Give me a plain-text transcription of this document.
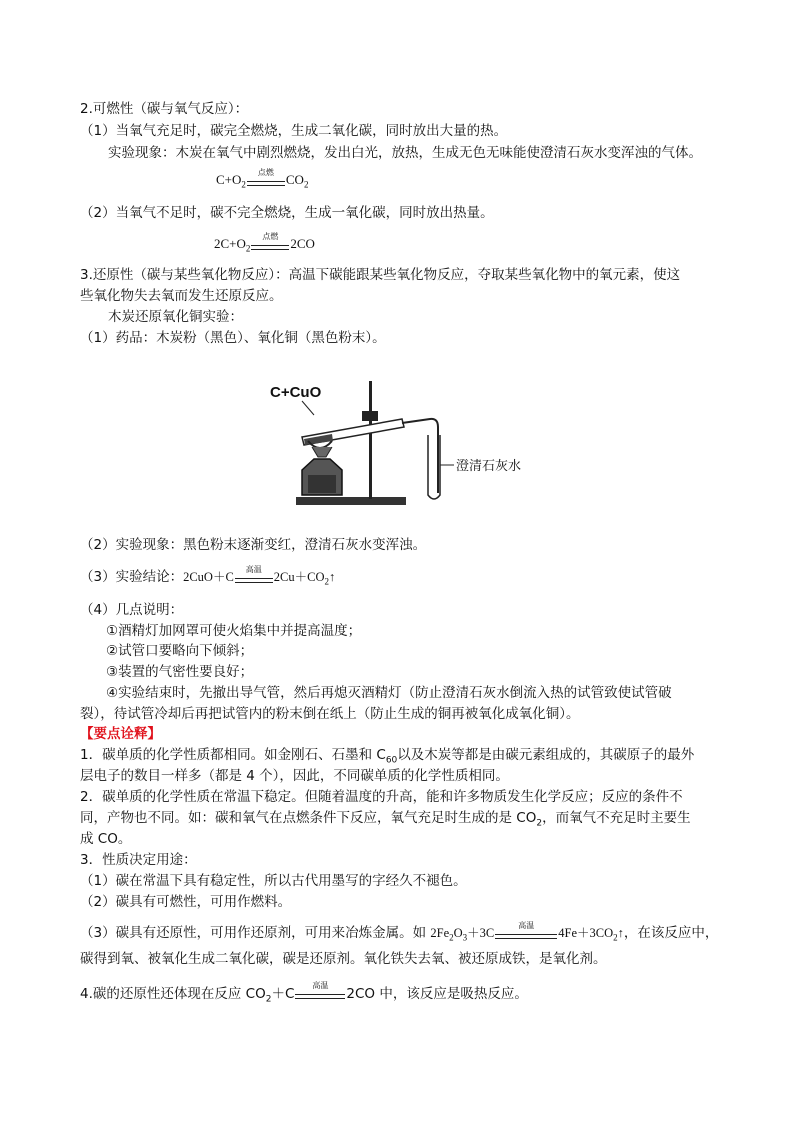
2.可燃性（碳与氧气反应）：
（1）当氧气充足时，碳完全燃烧，生成二氧化碳，同时放出大量的热。
实验现象：木炭在氧气中剧烈燃烧，发出白光，放热，生成无色无味能使澄清石灰水变浑浊的气体。
$C+O_2$
点燃 $CO_2$
（2）当氧气不足时，碳不完全燃烧，生成一氧化碳，同时放出热量。
$2C+O_2$
点燃 2CO
3.还原性（碳与某些氧化物反应）：高温下碳能跟某些氧化物反应，夺取某些氧化物中的氧元素，使这
些氧化物失去氧而发生还原反应。
木炭还原氧化铜实验：
（1）药品：木炭粉（黑色）、氧化铜（黑色粉末）。
C+CuO
澄清石灰水
（2）实验现象：黑色粉末逐渐变红，澄清石灰水变浑浊。
（3）实验结论：2CuO＋C
高温
$2Cu+CO_2↑$
（4）几点说明：
①酒精灯加网罩可使火焰集中并提高温度；
②试管口要略向下倾斜；
③装置的气密性要良好；
④实验结束时，先撤出导气管，然后再熄灭酒精灯（防止澄清石灰水倒流入热的试管致使试管破
裂），待试管冷却后再把试管内的粉末倒在纸上（防止生成的铜再被氧化成氧化铜）。
【要点诠释】
1．碳单质的化学性质都相同。如金刚石、石墨和 $C_{60}$以及木炭等都是由碳元素组成的，其碳原子的最外
层电子的数目一样多（都是 4 个），因此，不同碳单质的化学性质相同。
2．碳单质的化学性质在常温下稳定。但随着温度的升高，能和许多物质发生化学反应；反应的条件不
同，产物也不同。如：碳和氧气在点燃条件下反应，氧气充足时生成的是 $CO_2$，而氧气不充足时主要生
成 CO。
3．性质决定用途：
（1）碳在常温下具有稳定性，所以古代用墨写的字经久不褪色。
（2）碳具有可燃性，可用作燃料。
（3）碳具有还原性，可用作还原剂，可用来冶炼金属。如 $2Fe_2O_3+3C$
高温
$4Fe+3CO_2↑$，在该反应中，
碳得到氧、被氧化生成二氧化碳，碳是还原剂。氧化铁失去氧、被还原成铁，是氧化剂。
4.碳的还原性还体现在反应 $CO_2+C$
高温
2CO 中，该反应是吸热反应。
